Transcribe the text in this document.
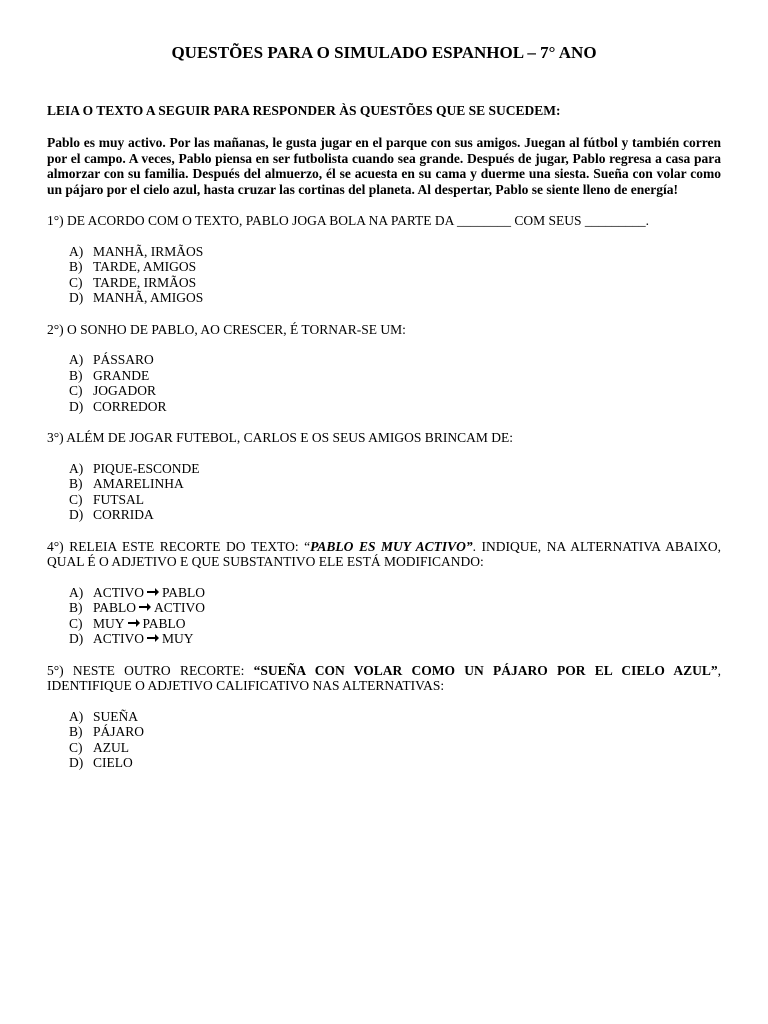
QUESTÕES PARA O SIMULADO ESPANHOL – 7° ANO
LEIA O TEXTO A SEGUIR PARA RESPONDER ÀS QUESTÕES QUE SE SUCEDEM:
Pablo es muy activo. Por las mañanas, le gusta jugar en el parque con sus amigos. Juegan al fútbol y también corren por el campo. A veces, Pablo piensa en ser futbolista cuando sea grande. Después de jugar, Pablo regresa a casa para almorzar con su familia. Después del almuerzo, él se acuesta en su cama y duerme una siesta. Sueña con volar como un pájaro por el cielo azul, hasta cruzar las cortinas del planeta. Al despertar, Pablo se siente lleno de energía!
1°) DE ACORDO COM O TEXTO, PABLO JOGA BOLA NA PARTE DA ________ COM SEUS _________.
A) MANHÃ, IRMÃOS
B) TARDE, AMIGOS
C) TARDE, IRMÃOS
D) MANHÃ, AMIGOS
2°) O SONHO DE PABLO, AO CRESCER, É TORNAR-SE UM:
A) PÁSSARO
B) GRANDE
C) JOGADOR
D) CORREDOR
3°) ALÉM DE JOGAR FUTEBOL, CARLOS E OS SEUS AMIGOS BRINCAM DE:
A) PIQUE-ESCONDE
B) AMARELINHA
C) FUTSAL
D) CORRIDA
4°) RELEIA ESTE RECORTE DO TEXTO: “PABLO ES MUY ACTIVO”. INDIQUE, NA ALTERNATIVA ABAIXO, QUAL É O ADJETIVO E QUE SUBSTANTIVO ELE ESTÁ MODIFICANDO:
A) ACTIVO PABLO
B) PABLO ACTIVO
C) MUY PABLO
D) ACTIVO MUY
5°) NESTE OUTRO RECORTE: “SUEÑA CON VOLAR COMO UN PÁJARO POR EL CIELO AZUL”, IDENTIFIQUE O ADJETIVO CALIFICATIVO NAS ALTERNATIVAS:
A) SUEÑA
B) PÁJARO
C) AZUL
D) CIELO
